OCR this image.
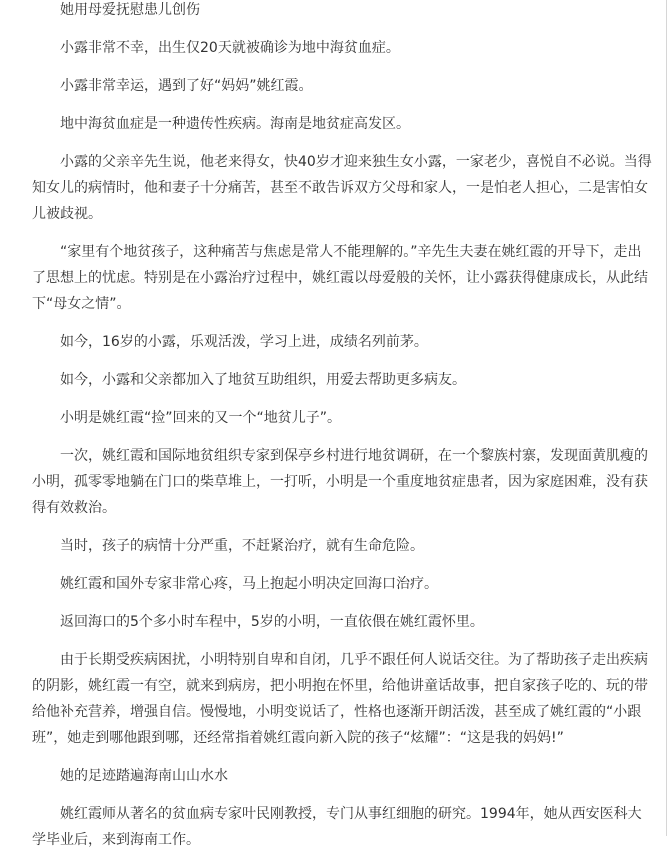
她用母爱抚慰患儿创伤

小露非常不幸，出生仅20天就被确诊为地中海贫血症。

小露非常幸运，遇到了好“妈妈”姚红霞。

地中海贫血症是一种遗传性疾病。海南是地贫症高发区。

小露的父亲辛先生说，他老来得女，快40岁才迎来独生女小露，一家老少，喜悦自不必说。当得知女儿的病情时，他和妻子十分痛苦，甚至不敢告诉双方父母和家人，一是怕老人担心，二是害怕女儿被歧视。

“家里有个地贫孩子，这种痛苦与焦虑是常人不能理解的。”辛先生夫妻在姚红霞的开导下，走出了思想上的忧虑。特别是在小露治疗过程中，姚红霞以母爱般的关怀，让小露获得健康成长，从此结下“母女之情”。

如今，16岁的小露，乐观活泼，学习上进，成绩名列前茅。

如今，小露和父亲都加入了地贫互助组织，用爱去帮助更多病友。

小明是姚红霞“捡”回来的又一个“地贫儿子”。

一次，姚红霞和国际地贫组织专家到保亭乡村进行地贫调研，在一个黎族村寨，发现面黄肌瘦的小明，孤零零地躺在门口的柴草堆上，一打听，小明是一个重度地贫症患者，因为家庭困难，没有获得有效救治。

当时，孩子的病情十分严重，不赶紧治疗，就有生命危险。

姚红霞和国外专家非常心疼，马上抱起小明决定回海口治疗。

返回海口的5个多小时车程中，5岁的小明，一直依偎在姚红霞怀里。

由于长期受疾病困扰，小明特别自卑和自闭，几乎不跟任何人说话交往。为了帮助孩子走出疾病的阴影，姚红霞一有空，就来到病房，把小明抱在怀里，给他讲童话故事，把自家孩子吃的、玩的带给他补充营养，增强自信。慢慢地，小明变说话了，性格也逐渐开朗活泼，甚至成了姚红霞的“小跟班”，她走到哪他跟到哪，还经常指着姚红霞向新入院的孩子“炫耀”：“这是我的妈妈!”

她的足迹踏遍海南山山水水

姚红霞师从著名的贫血病专家叶民刚教授，专门从事红细胞的研究。1994年，她从西安医科大学毕业后，来到海南工作。
